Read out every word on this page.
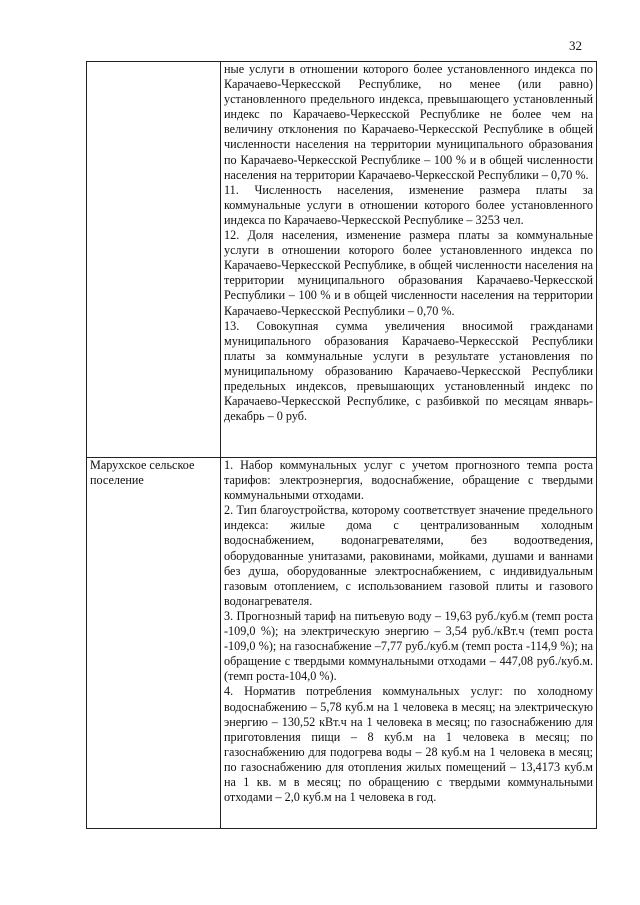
32

	ные услуги в отношении которого более установленного индекса по Карачаево-Черкесской Республике, но менее (или равно) установленного предельного индекса, превышающего установленный индекс по Карачаево-Черкесской Республике не более чем на величину отклонения по Карачаево-Черкесской Республике в общей численности населения на территории муниципального образования по Карачаево-Черкесской Республике – 100 % и в общей численности населения на территории Карачаево-Черкесской Республики – 0,70 %.

11. Численность населения, изменение размера платы за коммунальные услуги в отношении которого более установленного индекса по Карачаево-Черкесской Республике – 3253 чел.

12. Доля населения, изменение размера платы за коммунальные услуги в отношении которого более установленного индекса по Карачаево-Черкесской Республике, в общей численности населения на территории муниципального образования Карачаево-Черкесской Республики – 100 % и в общей численности населения на территории Карачаево-Черкесской Республики – 0,70 %.

13. Совокупная сумма увеличения вносимой гражданами муниципального образования Карачаево-Черкесской Республики платы за коммунальные услуги в результате установления по муниципальному образованию Карачаево-Черкесской Республики предельных индексов, превышающих установленный индекс по Карачаево-Черкесской Республике, с разбивкой по месяцам январь-декабрь – 0 руб.

Марухское сельское поселение	1. Набор коммунальных услуг с учетом прогнозного темпа роста тарифов: электроэнергия, водоснабжение, обращение с твердыми коммунальными отходами.

2. Тип благоустройства, которому соответствует значение предельного индекса: жилые дома с централизованным холодным водоснабжением, водонагревателями, без водоотведения, оборудованные унитазами, раковинами, мойками, душами и ваннами без душа, оборудованные электроснабжением, с индивидуальным газовым отоплением, с использованием газовой плиты и газового водонагревателя.

3. Прогнозный тариф на питьевую воду – 19,63 руб./куб.м (темп роста -109,0 %); на электрическую энергию – 3,54 руб./кВт.ч (темп роста -109,0 %); на газоснабжение –7,77 руб./куб.м (темп роста -114,9 %); на обращение с твердыми коммунальными отходами – 447,08 руб./куб.м. (темп роста-104,0 %).

4. Норматив потребления коммунальных услуг: по холодному водоснабжению – 5,78 куб.м на 1 человека в месяц; на электрическую энергию – 130,52 кВт.ч на 1 человека в месяц; по газоснабжению для приготовления пищи – 8 куб.м на 1 человека в месяц; по газоснабжению для подогрева воды – 28 куб.м на 1 человека в месяц; по газоснабжению для отопления жилых помещений – 13,4173 куб.м на 1 кв. м в месяц; по обращению с твердыми коммунальными отходами – 2,0 куб.м на 1 человека в год.
